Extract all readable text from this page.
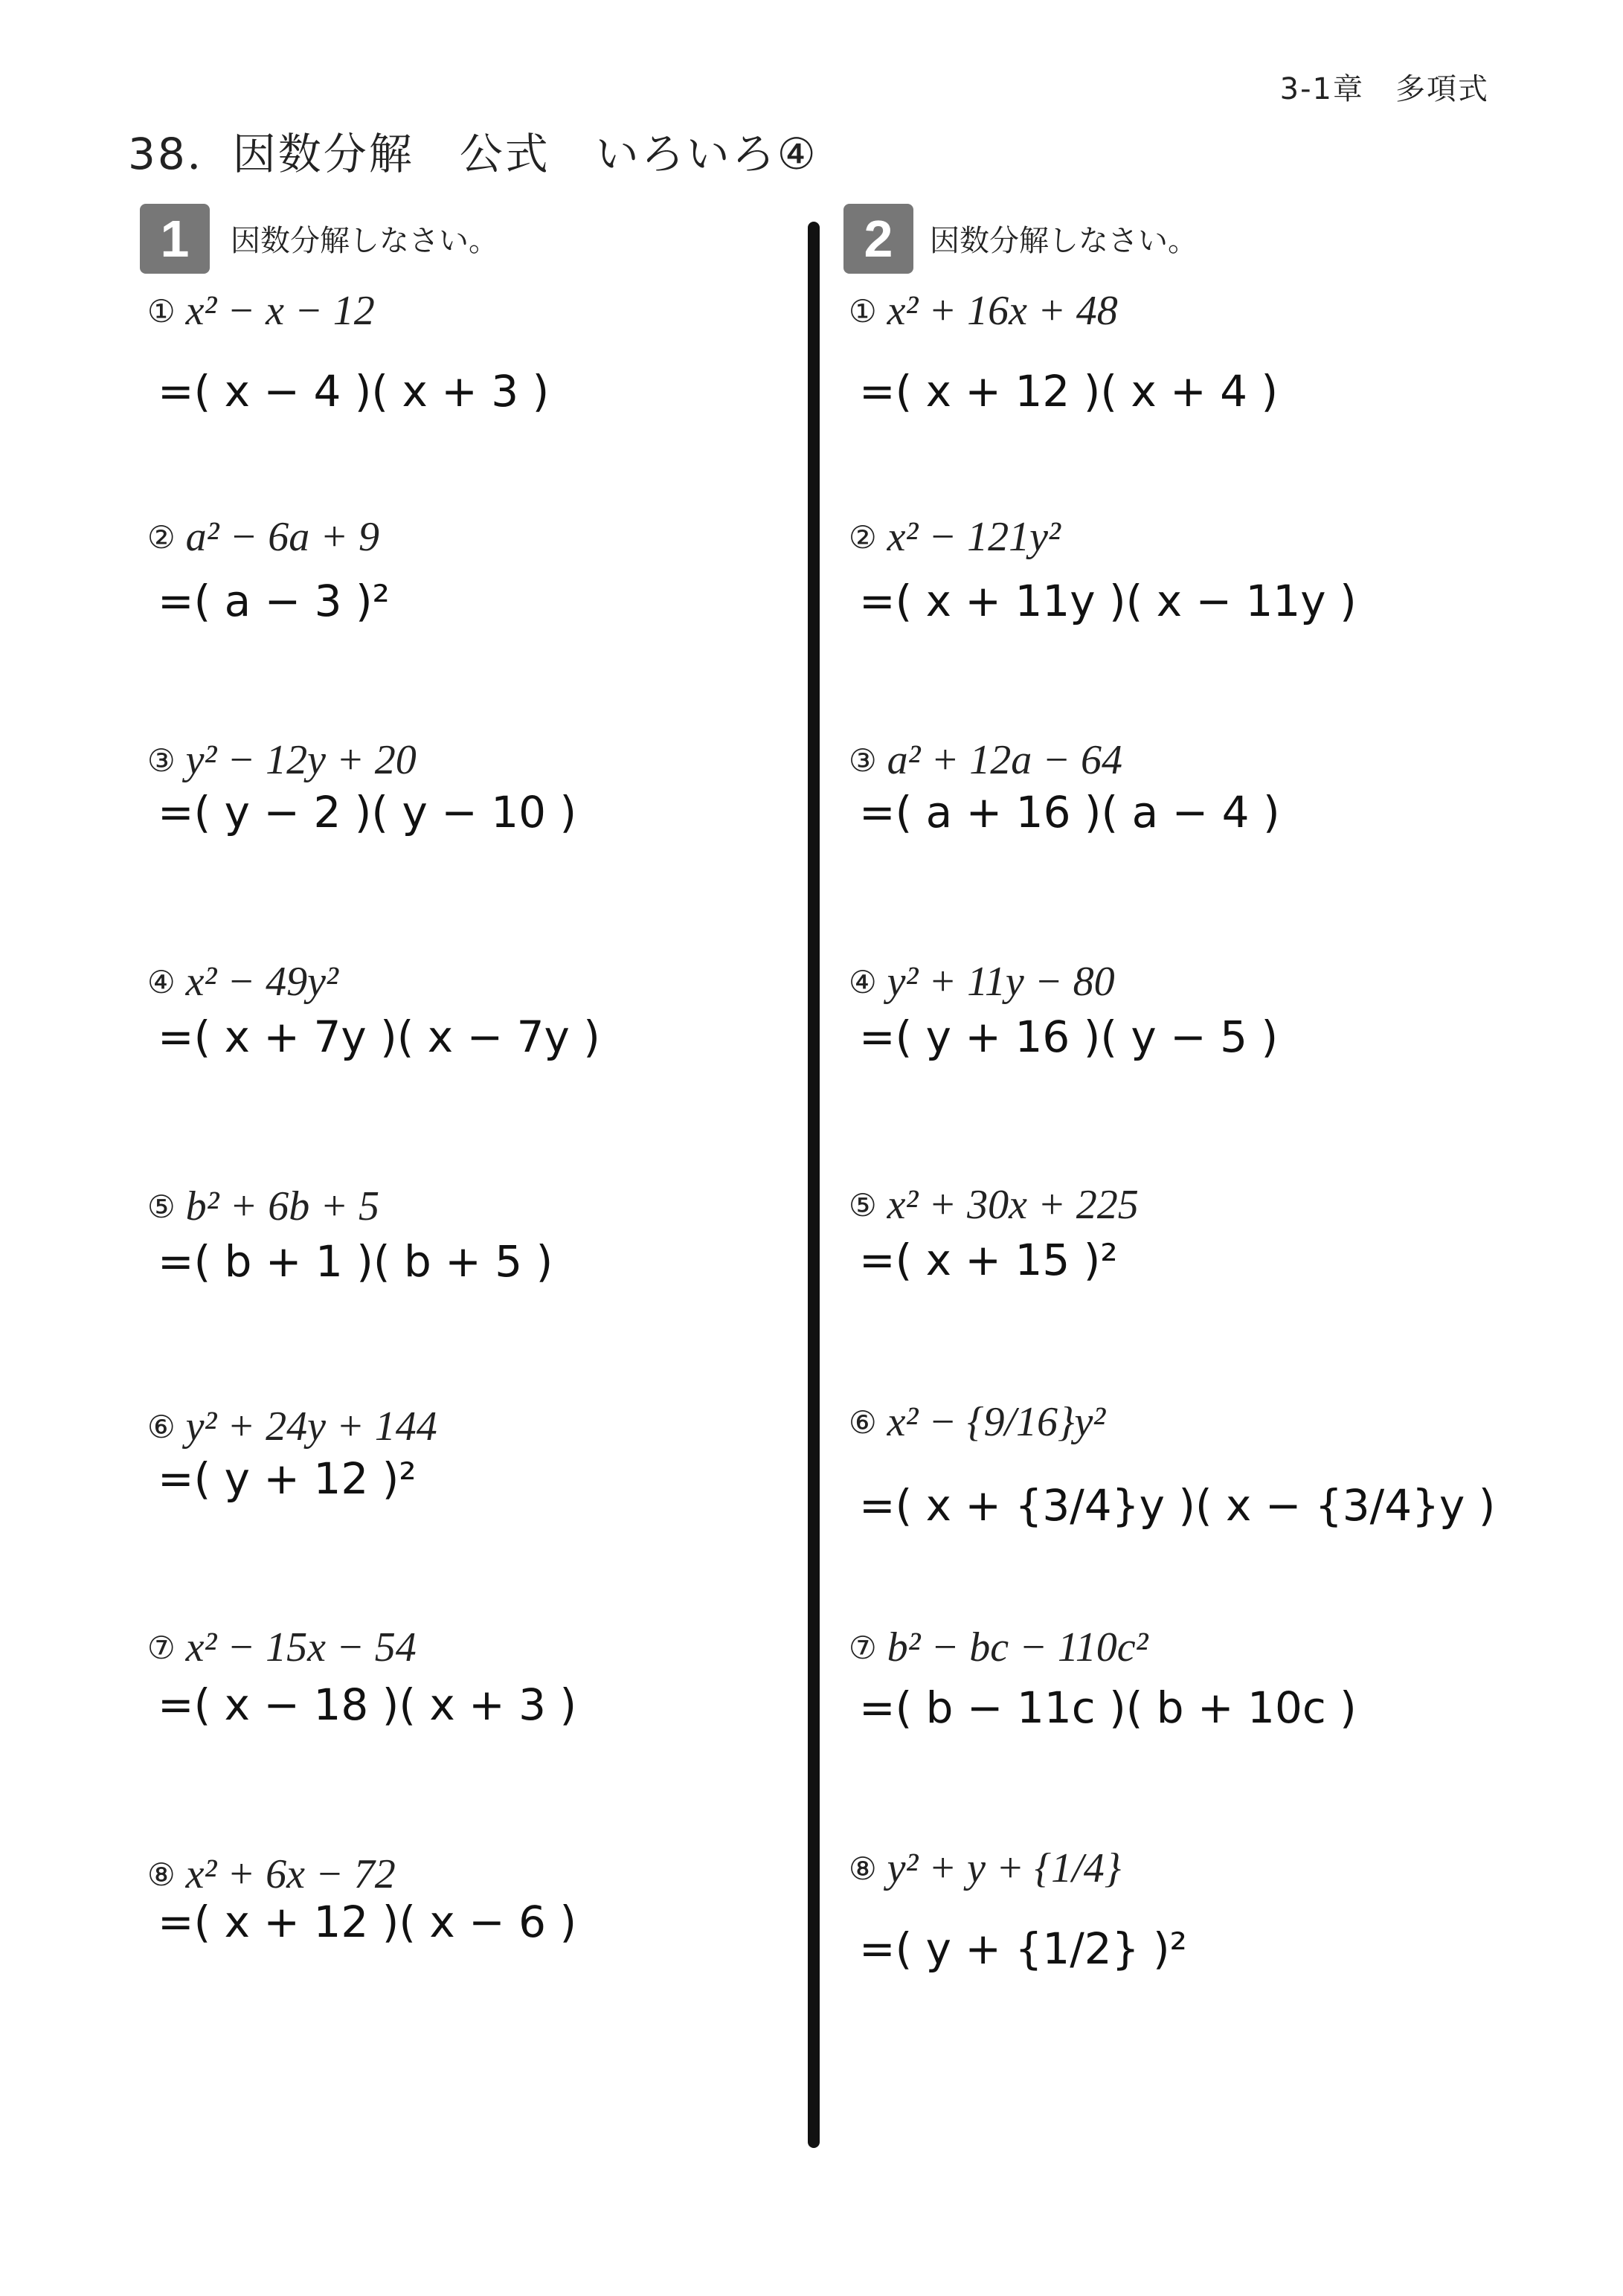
3-1章　多項式
38．因数分解　公式　いろいろ④
1	因数分解しなさい。	2	因数分解しなさい。
① x² − x − 12
=( x − 4 )( x + 3 )
② a² − 6a + 9
=( a − 3 )²
③ y² − 12y + 20
=( y − 2 )( y − 10 )
④ x² − 49y²
=( x + 7y )( x − 7y )
⑤ b² + 6b + 5
=( b + 1 )( b + 5 )
⑥ y² + 24y + 144
=( y + 12 )²
⑦ x² − 15x − 54
=( x − 18 )( x + 3 )
⑧ x² + 6x − 72
=( x + 12 )( x − 6 )
① x² + 16x + 48
=( x + 12 )( x + 4 )
② x² − 121y²
=( x + 11y )( x − 11y )
③ a² + 12a − 64
=( a + 16 )( a − 4 )
④ y² + 11y − 80
=( y + 16 )( y − 5 )
⑤ x² + 30x + 225
=( x + 15 )²
⑥ x² − {9/16}y²
=( x + {3/4}y )( x − {3/4}y )
⑦ b² − bc − 110c²
=( b − 11c )( b + 10c )
⑧ y² + y + {1/4}
=( y + {1/2} )²
